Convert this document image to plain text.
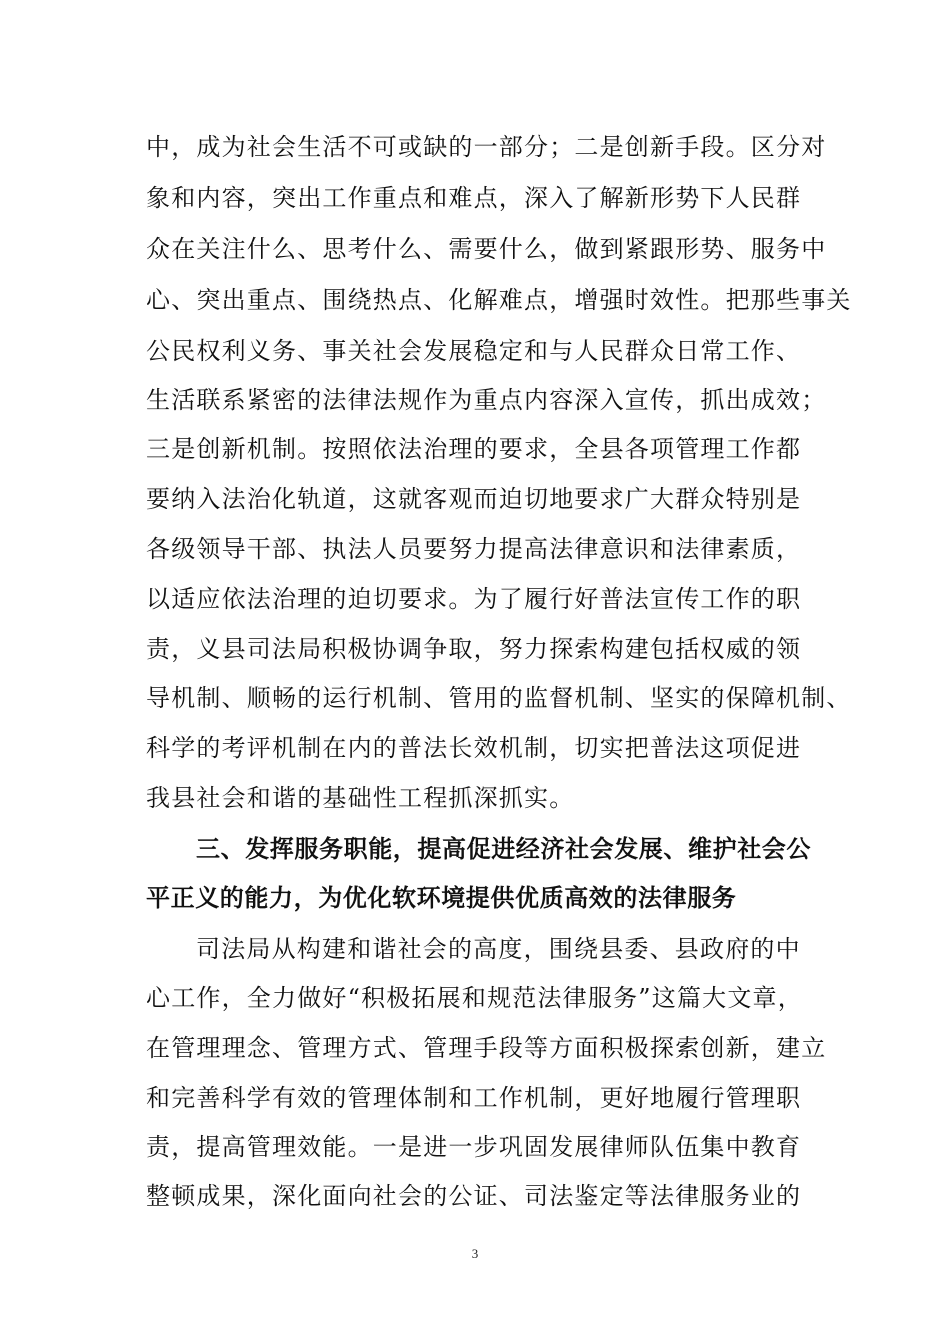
中，成为社会生活不可或缺的一部分；二是创新手段。区分对
象和内容，突出工作重点和难点，深入了解新形势下人民群
众在关注什么、思考什么、需要什么，做到紧跟形势、服务中
心、突出重点、围绕热点、化解难点，增强时效性。把那些事关
公民权利义务、事关社会发展稳定和与人民群众日常工作、
生活联系紧密的法律法规作为重点内容深入宣传，抓出成效；
三是创新机制。按照依法治理的要求，全县各项管理工作都
要纳入法治化轨道，这就客观而迫切地要求广大群众特别是
各级领导干部、执法人员要努力提高法律意识和法律素质，
以适应依法治理的迫切要求。为了履行好普法宣传工作的职
责，义县司法局积极协调争取，努力探索构建包括权威的领
导机制、顺畅的运行机制、管用的监督机制、坚实的保障机制、
科学的考评机制在内的普法长效机制，切实把普法这项促进
我县社会和谐的基础性工程抓深抓实。
三、发挥服务职能，提高促进经济社会发展、维护社会公
平正义的能力，为优化软环境提供优质高效的法律服务
司法局从构建和谐社会的高度，围绕县委、县政府的中
心工作，全力做好“积极拓展和规范法律服务”这篇大文章，
在管理理念、管理方式、管理手段等方面积极探索创新，建立
和完善科学有效的管理体制和工作机制，更好地履行管理职
责，提高管理效能。一是进一步巩固发展律师队伍集中教育
整顿成果，深化面向社会的公证、司法鉴定等法律服务业的
3
